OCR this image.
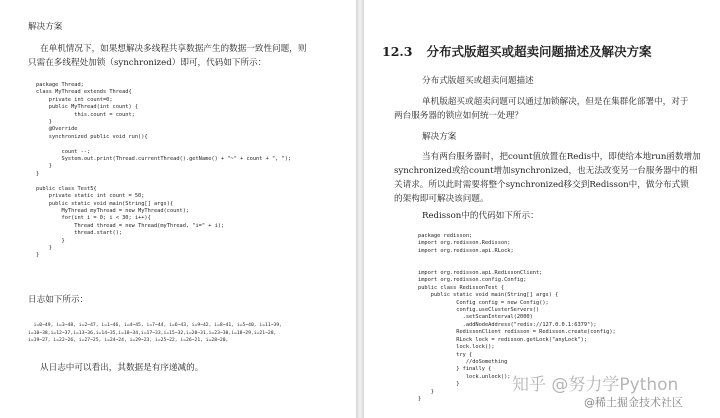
解决方案
在单机情况下，如果想解决多线程共享数据产生的数据一致性问题，则
只需在多线程处加锁（synchronized）即可，代码如下所示：
package Thread;
class MyThread extends Thread{
private int count=0;
public MyThread(int count) {
this.count = count;
}
@Override
synchronized public void run(){

count --;
System.out.print(Thread.currentThread().getName() + "~" + count + ", ");
}
}

public class Test5{
private static int count = 50;
public static void main(String[] args){
MyThread myThread = new MyThread(count);
for(int i = 0; i < 30; i++){
Thread thread = new Thread(myThread, "i=" + i);
thread.start();
}
}
}
日志如下所示：
i=0~49, i=3~48, i=2~47, i=1~46, i=4~45, i=7~44, i=6~43, i=9~42, i=8~41, i=5~40, i=11~39,
i=10~38,i=12~37,i=13~36,i=14~35,i=18~34,i=17~33,i=15~32,i=20~31,i=23~30,i=18~29,i=21~28,
i=19~27, i=22~26, i=27~25, i=24~24, i=29~23, i=25~22, i=26~21, i=28~20,
从日志中可以看出，其数据是有序递减的。
12.3 分布式版超买或超卖问题描述及解决方案
分布式版超买或超卖问题描述
单机版超买或超卖问题可以通过加锁解决，但是在集群化部署中，对于
两台服务器的锁应如何统一处理？
解决方案
当有两台服务器时，把count值放置在Redis中，即使给本地run函数增加
synchronized或给count增加synchronized，也无法改变另一台服务器中的相
关请求。所以此时需要将整个synchronized移交到Redisson中，做分布式锁
的架构即可解决该问题。
Redisson中的代码如下所示：
package redisson;
import org.redisson.Redisson;
import org.redisson.api.RLock;

import org.redisson.api.RedissonClient;
import org.redisson.config.Config;
public class RedissonTest {
public static void main(String[] args) {
Config config = new Config();
config.useClusterServers()
.setScanInterval(2000)
.addNodeAddress("redis://127.0.0.1:6379");
RedissonClient redisson = Redisson.create(config);
RLock lock = redisson.getLock("anyLock");
lock.lock();
try {
//doSomething
} finally {
lock.unlock();
}
}
}
知乎 @努力学Python
@稀土掘金技术社区
